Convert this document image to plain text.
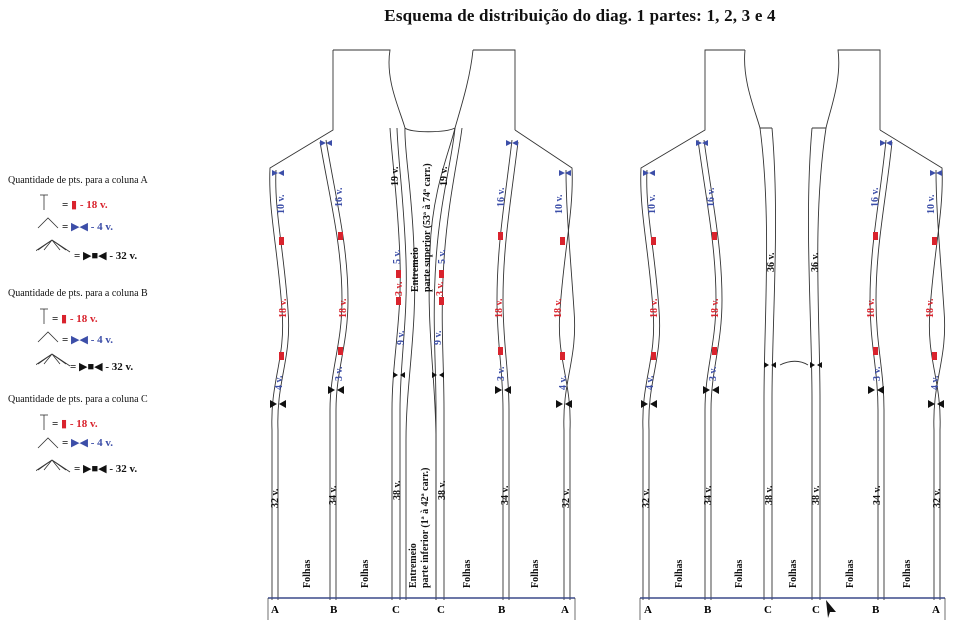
Esquema de distribuição do diag. 1 partes: 1, 2, 3 e 4
Quantidade de pts. para a coluna A
= ▮ - 18 v.
= ▶◀ - 4 v.
= ▶■◀ - 32 v.
Quantidade de pts. para a coluna B
= ▮ - 18 v.
= ▶◀ - 4 v.
= ▶■◀ - 32 v.
Quantidade de pts. para a coluna C
= ▮ - 18 v.
= ▶◀ - 4 v.
= ▶■◀ - 32 v.
10 v.
18 v.
4 v.
32 v.
16 v.
18 v.
3 v.
34 v.
19 v.
5 v.
3 v.
9 v.
38 v.
19 v.
5 v.
3 v.
9 v.
38 v.
16 v.
18 v.
3 v.
34 v.
10 v.
18 v.
4 v.
32 v.
Entremeio parte superior (53ª à 74ª carr.)
Entremeio parte inferior (1ª à 42ª carr.)
Folhas	Folhas	Folhas	Folhas
A	B	C	C	B	A
10 v.
18 v.
4 v.
32 v.
16 v.
18 v.
3 v.
34 v.
36 v.
38 v.
36 v.
38 v.
16 v.
18 v.
3 v.
34 v.
10 v.
18 v.
4 v.
32 v.
Folhas	Folhas	Folhas	Folhas	Folhas
A	B	C	C	B	A
